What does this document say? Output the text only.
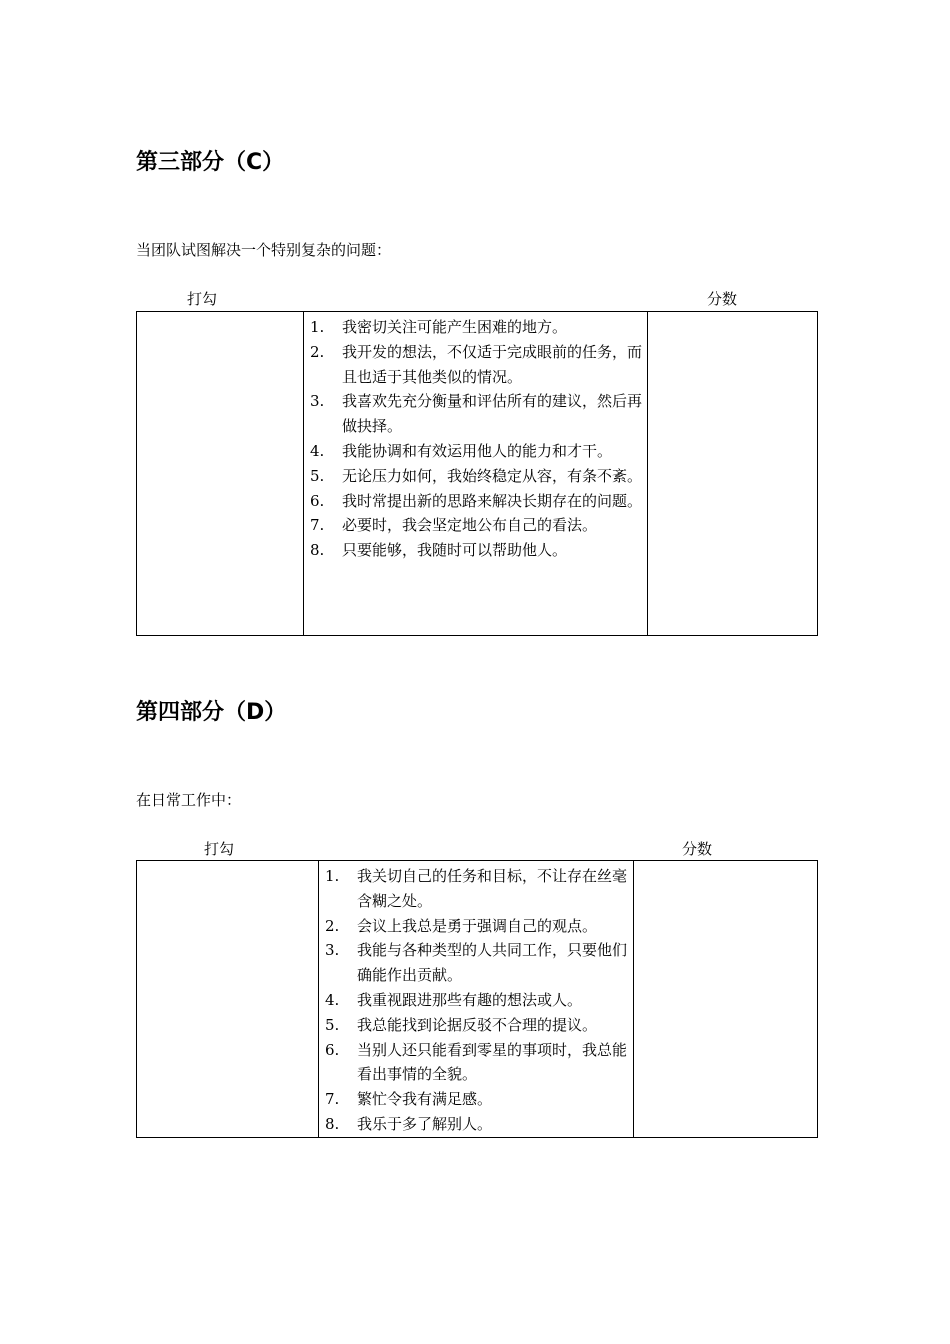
第三部分（C）

当团队试图解决一个特别复杂的问题：

打勾	分数

1.	我密切关注可能产生困难的地方。
2.	我开发的想法，不仅适于完成眼前的任务，而且也适于其他类似的情况。
3.	我喜欢先充分衡量和评估所有的建议，然后再做抉择。
4.	我能协调和有效运用他人的能力和才干。
5.	无论压力如何，我始终稳定从容，有条不紊。
6.	我时常提出新的思路来解决长期存在的问题。
7.	必要时，我会坚定地公布自己的看法。
8.	只要能够，我随时可以帮助他人。

第四部分（D）

在日常工作中：

打勾	分数

1.	我关切自己的任务和目标，不让存在丝毫含糊之处。
2.	会议上我总是勇于强调自己的观点。
3.	我能与各种类型的人共同工作，只要他们确能作出贡献。
4.	我重视跟进那些有趣的想法或人。
5.	我总能找到论据反驳不合理的提议。
6.	当别人还只能看到零星的事项时，我总能看出事情的全貌。
7.	繁忙令我有满足感。
8.	我乐于多了解别人。
